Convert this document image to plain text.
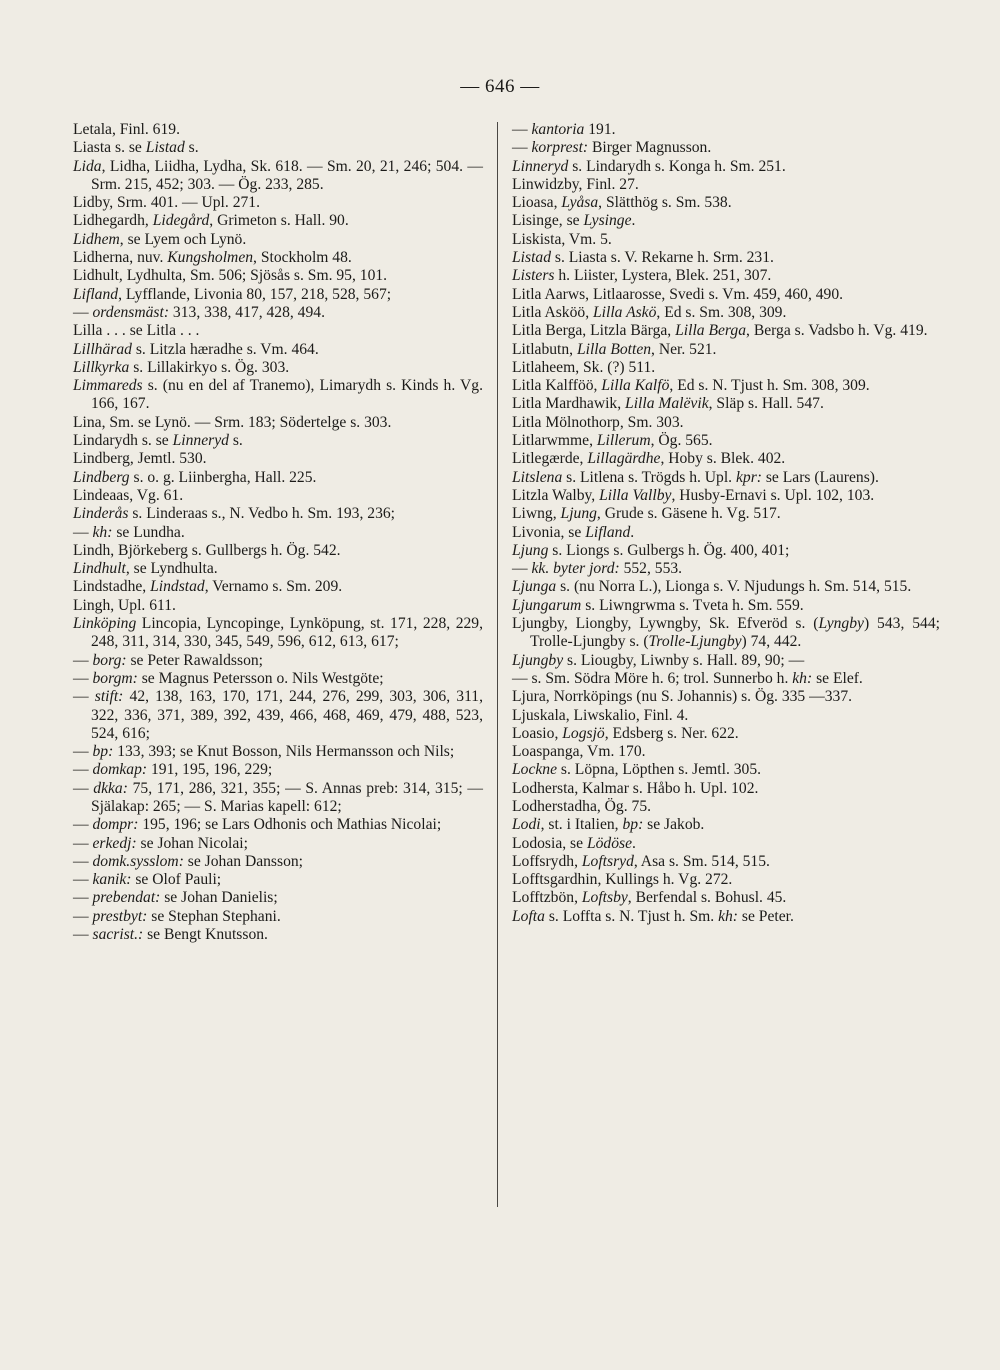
— 646 —

Letala, Finl. 619.

Liasta s. se Listad s.

Lida, Lidha, Liidha, Lydha, Sk. 618. — Sm. 20, 21, 246; 504. — Srm. 215, 452; 303. — Ög. 233, 285.

Lidby, Srm. 401. — Upl. 271.

Lidhegardh, Lidegård, Grimeton s. Hall. 90.

Lidhem, se Lyem och Lynö.

Lidherna, nuv. Kungsholmen, Stockholm 48.

Lidhult, Lydhulta, Sm. 506; Sjösås s. Sm. 95, 101.

Lifland, Lyfflande, Livonia 80, 157, 218, 528, 567;

— ordensmäst: 313, 338, 417, 428, 494.

Lilla . . . se Litla . . .

Lillhärad s. Litzla hæradhe s. Vm. 464.

Lillkyrka s. Lillakirkyo s. Ög. 303.

Limmareds s. (nu en del af Tranemo), Limarydh s. Kinds h. Vg. 166, 167.

Lina, Sm. se Lynö. — Srm. 183; Södertelge s. 303.

Lindarydh s. se Linneryd s.

Lindberg, Jemtl. 530.

Lindberg s. o. g. Liinbergha, Hall. 225.

Lindeaas, Vg. 61.

Linderås s. Linderaas s., N. Vedbo h. Sm. 193, 236;

— kh: se Lundha.

Lindh, Björkeberg s. Gullbergs h. Ög. 542.

Lindhult, se Lyndhulta.

Lindstadhe, Lindstad, Vernamo s. Sm. 209.

Lingh, Upl. 611.

Linköping Lincopia, Lyncopinge, Lynköpung, st. 171, 228, 229, 248, 311, 314, 330, 345, 549, 596, 612, 613, 617;

— borg: se Peter Rawaldsson;

— borgm: se Magnus Petersson o. Nils Westgöte;

— stift: 42, 138, 163, 170, 171, 244, 276, 299, 303, 306, 311, 322, 336, 371, 389, 392, 439, 466, 468, 469, 479, 488, 523, 524, 616;

— bp: 133, 393; se Knut Bosson, Nils Hermansson och Nils;

— domkap: 191, 195, 196, 229;

— dkka: 75, 171, 286, 321, 355; — S. Annas preb: 314, 315; — Själakap: 265; — S. Marias kapell: 612;

— dompr: 195, 196; se Lars Odhonis och Mathias Nicolai;

— erkedj: se Johan Nicolai;

— domk.sysslom: se Johan Dansson;

— kanik: se Olof Pauli;

— prebendat: se Johan Danielis;

— prestbyt: se Stephan Stephani.

— sacrist.: se Bengt Knutsson.

— kantoria 191.

— korprest: Birger Magnusson.

Linneryd s. Lindarydh s. Konga h. Sm. 251.

Linwidzby, Finl. 27.

Lioasa, Lyåsa, Slätthög s. Sm. 538.

Lisinge, se Lysinge.

Liskista, Vm. 5.

Listad s. Liasta s. V. Rekarne h. Srm. 231.

Listers h. Liister, Lystera, Blek. 251, 307.

Litla Aarws, Litlaarosse, Svedi s. Vm. 459, 460, 490.

Litla Asköö, Lilla Askö, Ed s. Sm. 308, 309.

Litla Berga, Litzla Bärga, Lilla Berga, Berga s. Vadsbo h. Vg. 419.

Litlabutn, Lilla Botten, Ner. 521.

Litlaheem, Sk. (?) 511.

Litla Kalfföö, Lilla Kalfö, Ed s. N. Tjust h. Sm. 308, 309.

Litla Mardhawik, Lilla Malëvik, Släp s. Hall. 547.

Litla Mölnothorp, Sm. 303.

Litlarwmme, Lillerum, Ög. 565.

Litlegærde, Lillagärdhe, Hoby s. Blek. 402.

Litslena s. Litlena s. Trögds h. Upl. kpr: se Lars (Laurens).

Litzla Walby, Lilla Vallby, Husby-Ernavi s. Upl. 102, 103.

Liwng, Ljung, Grude s. Gäsene h. Vg. 517.

Livonia, se Lifland.

Ljung s. Liongs s. Gulbergs h. Ög. 400, 401;

— kk. byter jord: 552, 553.

Ljunga s. (nu Norra L.), Lionga s. V. Njudungs h. Sm. 514, 515.

Ljungarum s. Liwngrwma s. Tveta h. Sm. 559.

Ljungby, Liongby, Lywngby, Sk. Efveröd s. (Lyngby) 543, 544; Trolle-Ljungby s. (Trolle-Ljungby) 74, 442.

Ljungby s. Liougby, Liwnby s. Hall. 89, 90; —

— s. Sm. Södra Möre h. 6; trol. Sunnerbo h. kh: se Elef.

Ljura, Norrköpings (nu S. Johannis) s. Ög. 335 —337.

Ljuskala, Liwskalio, Finl. 4.

Loasio, Logsjö, Edsberg s. Ner. 622.

Loaspanga, Vm. 170.

Lockne s. Löpna, Löpthen s. Jemtl. 305.

Lodhersta, Kalmar s. Håbo h. Upl. 102.

Lodherstadha, Ög. 75.

Lodi, st. i Italien, bp: se Jakob.

Lodosia, se Lödöse.

Loffsrydh, Loftsryd, Asa s. Sm. 514, 515.

Lofftsgardhin, Kullings h. Vg. 272.

Lofftzbön, Loftsby, Berfendal s. Bohusl. 45.

Lofta s. Loffta s. N. Tjust h. Sm. kh: se Peter.
